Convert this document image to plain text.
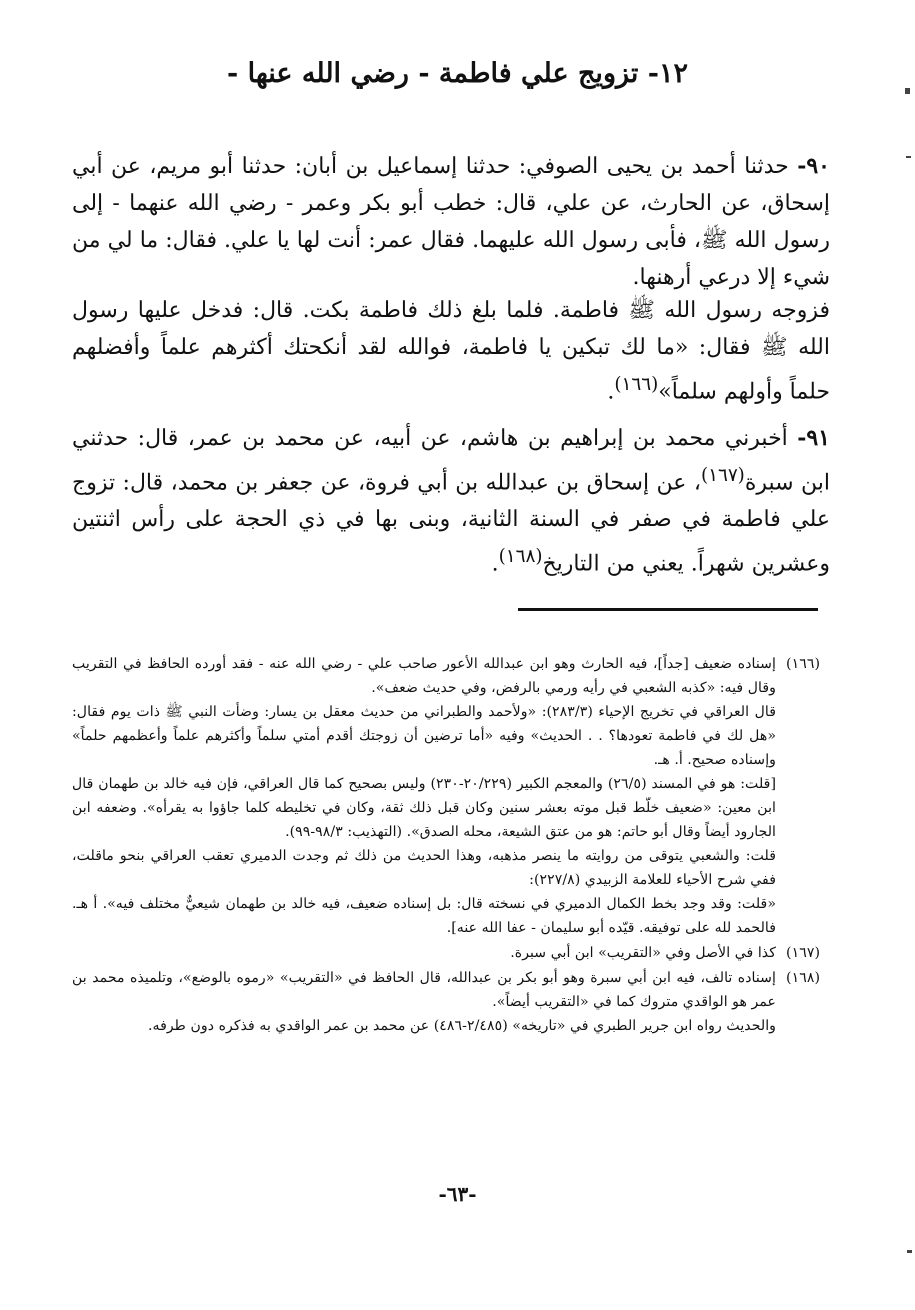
١٢- تزويج علي فاطمة - رضي الله عنها -
٩٠- حدثنا أحمد بن يحيى الصوفي: حدثنا إسماعيل بن أبان: حدثنا أبو مريم، عن أبي إسحاق، عن الحارث، عن علي، قال: خطب أبو بكر وعمر - رضي الله عنهما - إلى رسول الله ﷺ، فأبى رسول الله عليهما. فقال عمر: أنت لها يا علي. فقال: ما لي من شيء إلا درعي أرهنها.
فزوجه رسول الله ﷺ فاطمة. فلما بلغ ذلك فاطمة بكت. قال: فدخل عليها رسول الله ﷺ فقال: «ما لك تبكين يا فاطمة، فوالله لقد أنكحتك أكثرهم علماً وأفضلهم حلماً وأولهم سلماً»$^{(١٦٦)}$.
٩١- أخبرني محمد بن إبراهيم بن هاشم، عن أبيه، عن محمد بن عمر، قال: حدثني ابن سبرة$^{(١٦٧)}$، عن إسحاق بن عبدالله بن أبي فروة، عن جعفر بن محمد، قال: تزوج علي فاطمة في صفر في السنة الثانية، وبنى بها في ذي الحجة على رأس اثنتين وعشرين شهراً. يعني من التاريخ$^{(١٦٨)}$.
(١٦٦)

إسناده ضعيف [جداً]، فيه الحارث وهو ابن عبدالله الأعور صاحب علي - رضي الله عنه - فقد أورده الحافظ في التقريب وقال فيه: «كذبه الشعبي في رأيه ورمي بالرفض، وفي حديث ضعف».

قال العراقي في تخريج الإحياء (٢٨٣/٣): «ولأحمد والطبراني من حديث معقل بن يسار: وضأت النبي ﷺ ذات يوم فقال: «هل لك في فاطمة تعودها؟ . . الحديث» وفيه «أما ترضين أن زوجتك أقدم أمتي سلماً وأكثرهم علماً وأعظمهم حلماً» وإسناده صحيح. أ. هـ.

[قلت: هو في المسند (٢٦/٥) والمعجم الكبير (٢٠/٢٢٩-٢٣٠) وليس بصحيح كما قال العراقي، فإن فيه خالد بن طهمان قال ابن معين: «ضعيف خلّط قبل موته بعشر سنين وكان قبل ذلك ثقة، وكان في تخليطه كلما جاؤوا به يقرأه». وضعفه ابن الجارود أيضاً وقال أبو حاتم: هو من عتق الشيعة، محله الصدق». (التهذيب: ٩٨/٣-٩٩).

قلت: والشعبي يتوقى من روايته ما ينصر مذهبه، وهذا الحديث من ذلك ثم وجدت الدميري تعقب العراقي بنحو ماقلت، ففي شرح الأحياء للعلامة الزبيدي (٢٢٧/٨):

«قلت: وقد وجد بخط الكمال الدميري في نسخته قال: بل إسناده ضعيف، فيه خالد بن طهمان شيعيٌّ مختلف فيه». أ هـ. فالحمد لله على توفيقه. قيّده أبو سليمان - عفا الله عنه].

(١٦٧)

كذا في الأصل وفي «التقريب» ابن أبي سبرة.

(١٦٨)

إسناده تالف، فيه ابن أبي سبرة وهو أبو بكر بن عبدالله، قال الحافظ في «التقريب» «رموه بالوضع»، وتلميذه محمد بن عمر هو الواقدي متروك كما في «التقريب أيضاً».

والحديث رواه ابن جرير الطبري في «تاريخه» (٢/٤٨٥-٤٨٦) عن محمد بن عمر الواقدي به فذكره دون طرفه.

-٦٣-
